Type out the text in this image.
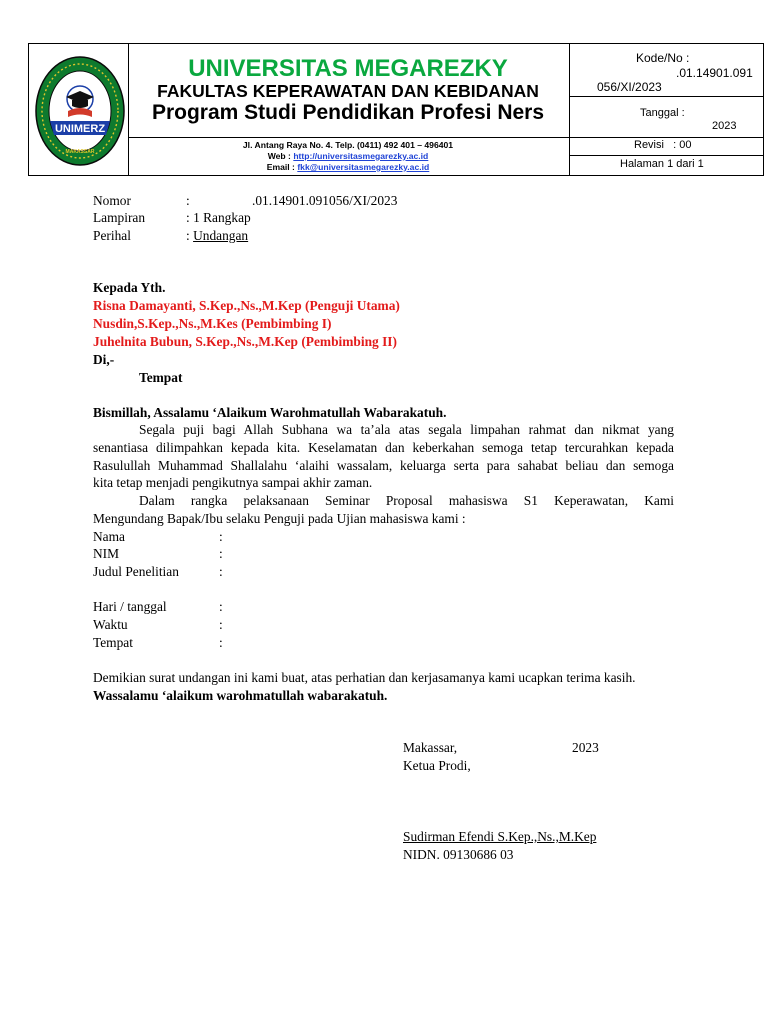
UNIMERZ
MAKASSAR
UNIVERSITAS MEGAREZKY
FAKULTAS KEPERAWATAN DAN KEBIDANAN
Program Studi Pendidikan Profesi Ners
Jl. Antang Raya No. 4. Telp. (0411) 492 401 – 496401
Web : http://universitasmegarezky.ac.id
Email : fkk@universitasmegarezky.ac.id
Kode/No :
.01.14901.091
056/XI/2023
Tanggal :
2023
Revisi   : 00
Halaman 1 dari 1
Nomor	:	.01.14901.091056/XI/2023
Lampiran	: 1 Rangkap
Perihal	: Undangan
Kepada Yth.
Risna Damayanti, S.Kep.,Ns.,M.Kep (Penguji Utama)
Nusdin,S.Kep.,Ns.,M.Kes (Pembimbing I)
Juhelnita Bubun, S.Kep.,Ns.,M.Kep (Pembimbing II)
Di,-
Tempat
Bismillah, Assalamu ‘Alaikum Warohmatullah Wabarakatuh.
Segala puji bagi Allah Subhana wa ta’ala atas segala limpahan rahmat dan nikmat yang
senantiasa dilimpahkan kepada kita. Keselamatan dan keberkahan semoga tetap tercurahkan kepada
Rasulullah Muhammad Shallalahu ‘alaihi wassalam, keluarga serta para sahabat beliau dan semoga
kita tetap menjadi pengikutnya sampai akhir zaman.
Dalam rangka pelaksanaan Seminar Proposal mahasiswa S1 Keperawatan, Kami
Mengundang Bapak/Ibu selaku Penguji pada Ujian mahasiswa kami :
Nama	:
NIM	:
Judul Penelitian	:
Hari / tanggal	:
Waktu	:
Tempat	:
Demikian surat undangan ini kami buat, atas perhatian dan kerjasamanya kami ucapkan terima kasih.
Wassalamu ‘alaikum warohmatullah wabarakatuh.
Makassar,	2023
Ketua Prodi,
Sudirman Efendi S.Kep.,Ns.,M.Kep
NIDN. 09130686 03
